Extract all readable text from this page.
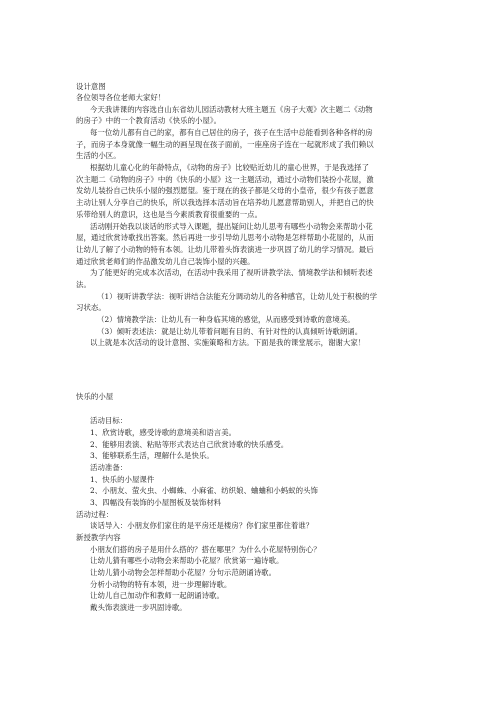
设计意图
各位领导各位老师大家好！
今天我讲课的内容选自山东省幼儿园活动教材大班主题五《房子大观》次主题二《动物
的房子》中的一个教育活动《快乐的小屋》。
每一位幼儿都有自己的家，都有自己居住的房子，孩子在生活中总能看到各种各样的房
子，而房子本身就像一幅生动的画呈现在孩子面前，一座座房子连在一起就形成了我们赖以
生活的小区。
根据幼儿童心化的年龄特点，《动物的房子》比较贴近幼儿的童心世界，于是我选择了
次主题二《动物的房子》中的《快乐的小屋》这一主题活动，通过小动物们装扮小花屋，激
发幼儿装扮自己快乐小屋的强烈愿望。鉴于现在的孩子都是父母的小皇帝，很少有孩子愿意
主动让别人分享自己的快乐，所以我选择本活动旨在培养幼儿愿意帮助别人，并把自己的快
乐带给别人的意识，这也是当今素质教育很重要的一点。
活动刚开始我以谈话的形式导入课题，提出疑问让幼儿思考有哪些小动物会来帮助小花
屋，通过欣赏诗歌找出答案。然后再进一步引导幼儿思考小动物是怎样帮助小花屋的，从而
让幼儿了解了小动物的特有本领。让幼儿带着头饰表演进一步巩固了幼儿的学习情况。最后
通过欣赏老师们的作品激发幼儿自己装饰小屋的兴趣。
为了能更好的完成本次活动，在活动中我采用了视听讲教学法、情境教学法和倾听表述
法。
（1）视听讲教学法：视听讲结合法能充分调动幼儿的各种感官，让幼儿处于积极的学
习状态。
（2）情境教学法：让幼儿有一种身临其境的感觉，从而感受到诗歌的意境美。
（3）倾听表述法：就是让幼儿带着问题有目的、有针对性的认真倾听诗歌朗诵。
以上就是本次活动的设计意图、实施策略和方法。下面是我的课堂展示，谢谢大家！
快乐的小屋
活动目标：
1、欣赏诗歌，感受诗歌的意境美和语言美。
2、能够用表演、粘贴等形式表达自己欣赏诗歌的快乐感受。
3、能够联系生活，理解什么是快乐。
活动准备：
1、快乐的小屋课件
2、小朋友、萤火虫、小蜘蛛、小麻雀、纺织娘、蛐蛐和小蚂蚁的头饰
3、四幅没有装饰的小屋图板及装饰材料
活动过程：
谈话导入：小朋友你们家住的是平房还是楼房？你们家里都住着谁？
新授教学内容
小朋友们搭的房子是用什么搭的？搭在哪里？为什么小花屋特别伤心？
让幼儿猜有哪些小动物会来帮助小花屋？欣赏第一遍诗歌。
让幼儿猜小动物会怎样帮助小花屋？分句示范朗诵诗歌。
分析小动物的特有本领，进一步理解诗歌。
让幼儿自己加动作和教师一起朗诵诗歌。
戴头饰表演进一步巩固诗歌。
